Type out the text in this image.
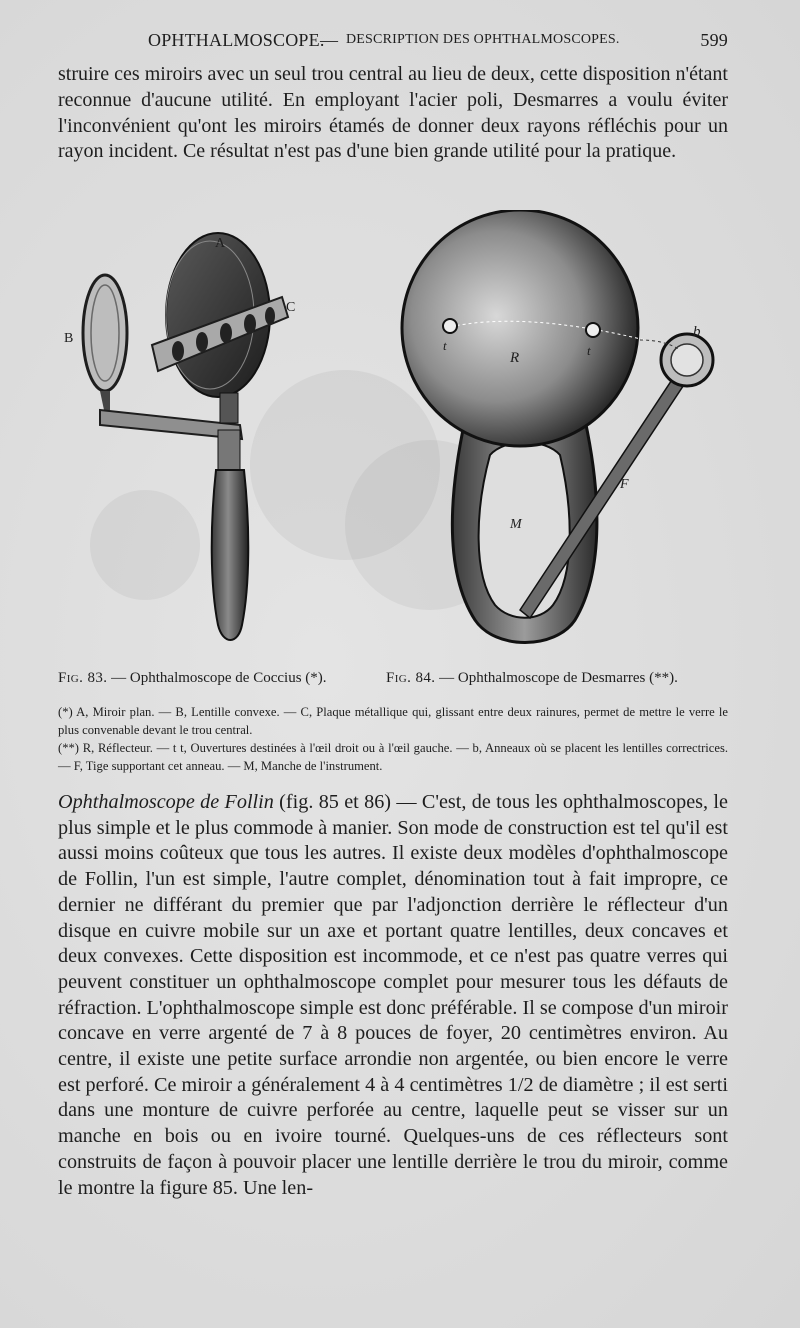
OPHTHALMOSCOPE.
— DESCRIPTION DES OPHTHALMOSCOPES.	599

struire ces miroirs avec un seul trou central au lieu de deux, cette disposition n'étant reconnue d'aucune utilité. En employant l'acier poli, Desmarres a voulu éviter l'inconvénient qu'ont les miroirs étamés de donner deux rayons réfléchis pour un rayon incident. Ce résultat n'est pas d'une bien grande utilité pour la pratique.

A
B
C
t	t
R
b
F
M
Fig. 83. — Ophthalmoscope de Coccius (*).	Fig. 84. — Ophthalmoscope de Desmarres (**).

(*) A, Miroir plan. — B, Lentille convexe. — C, Plaque métallique qui, glissant entre deux rainures, permet de mettre le verre le plus convenable devant le trou central.

(**) R, Réflecteur. — t t, Ouvertures destinées à l'œil droit ou à l'œil gauche. — b, Anneaux où se placent les lentilles correctrices. — F, Tige supportant cet anneau. — M, Manche de l'instrument.

Ophthalmoscope de Follin (fig. 85 et 86) — C'est, de tous les ophthalmoscopes, le plus simple et le plus commode à manier. Son mode de construction est tel qu'il est aussi moins coûteux que tous les autres. Il existe deux modèles d'ophthalmoscope de Follin, l'un est simple, l'autre complet, dénomination tout à fait impropre, ce dernier ne différant du premier que par l'adjonction derrière le réflecteur d'un disque en cuivre mobile sur un axe et portant quatre lentilles, deux concaves et deux convexes. Cette disposition est incommode, et ce n'est pas quatre verres qui peuvent constituer un ophthalmoscope complet pour mesurer tous les défauts de réfraction. L'ophthalmoscope simple est donc préférable. Il se compose d'un miroir concave en verre argenté de 7 à 8 pouces de foyer, 20 centimètres environ. Au centre, il existe une petite surface arrondie non argentée, ou bien encore le verre est perforé. Ce miroir a généralement 4 à 4 centimètres 1/2 de diamètre ; il est serti dans une monture de cuivre perforée au centre, laquelle peut se visser sur un manche en bois ou en ivoire tourné. Quelques-uns de ces réflecteurs sont construits de façon à pouvoir placer une lentille derrière le trou du miroir, comme le montre la figure 85. Une len-
